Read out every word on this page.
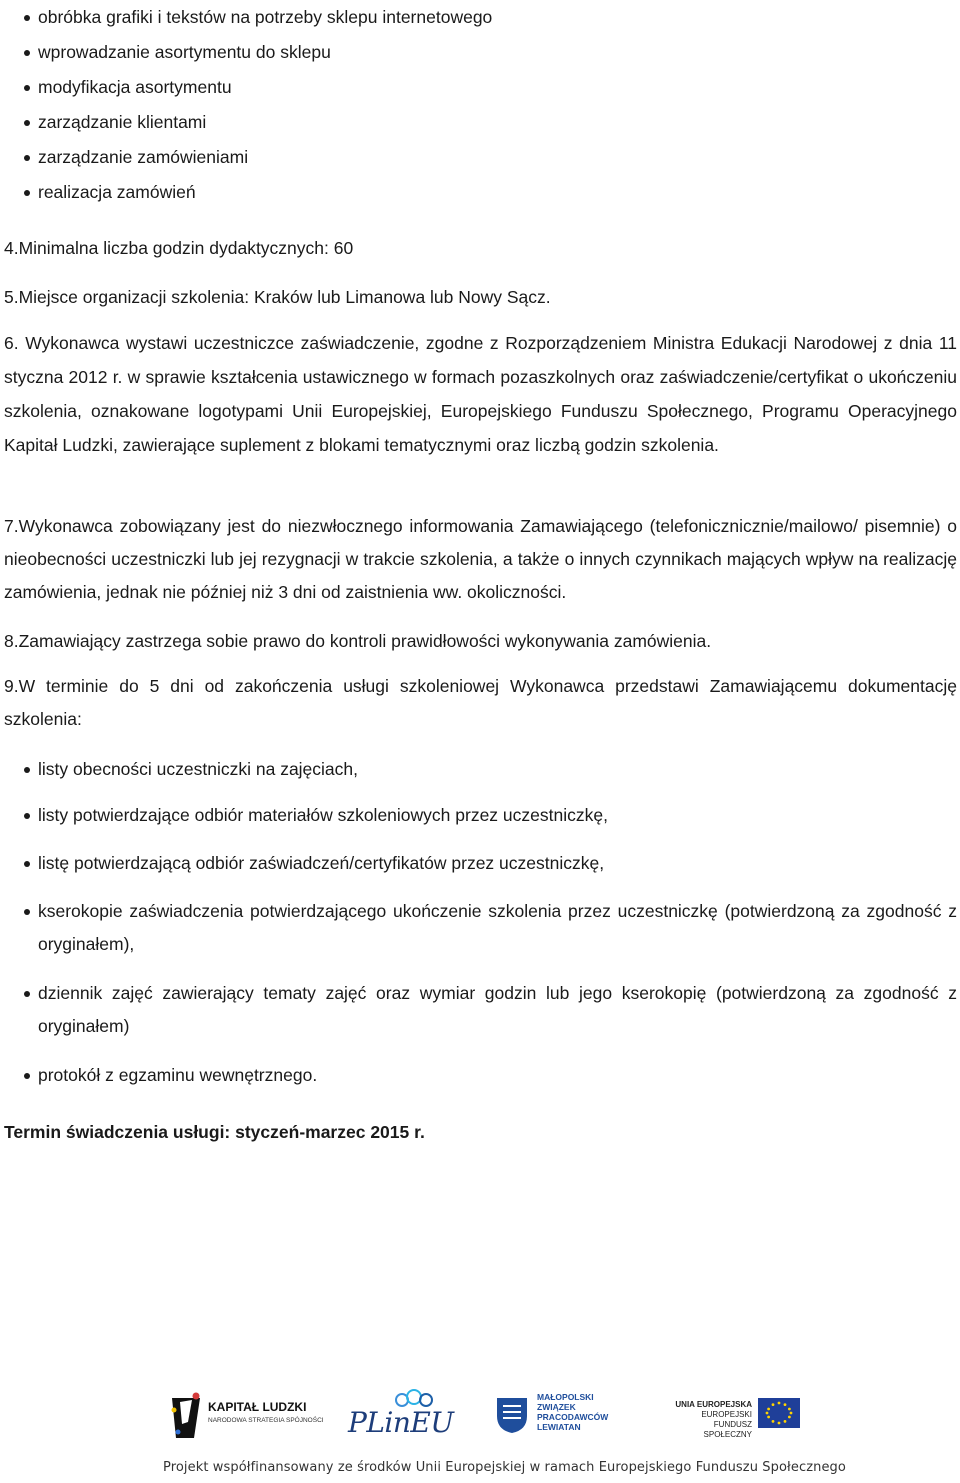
obróbka grafiki i tekstów na potrzeby sklepu internetowego
wprowadzanie asortymentu do sklepu
modyfikacja asortymentu
zarządzanie klientami
zarządzanie zamówieniami
realizacja zamówień
4.Minimalna liczba godzin dydaktycznych: 60
5.Miejsce organizacji szkolenia: Kraków lub Limanowa lub Nowy Sącz.
6. Wykonawca wystawi uczestniczce zaświadczenie, zgodne z Rozporządzeniem Ministra Edukacji Narodowej z dnia 11 styczna 2012 r. w sprawie kształcenia ustawicznego w formach pozaszkolnych oraz zaświadczenie/certyfikat o ukończeniu szkolenia, oznakowane logotypami Unii Europejskiej, Europejskiego Funduszu Społecznego, Programu Operacyjnego Kapitał Ludzki, zawierające suplement z blokami tematycznymi oraz liczbą godzin szkolenia.
7.Wykonawca zobowiązany jest do niezwłocznego informowania Zamawiającego (telefonicznicznie/mailowo/ pisemnie) o nieobecności uczestniczki lub jej rezygnacji w trakcie szkolenia, a także o innych czynnikach mających wpływ na realizację zamówienia, jednak nie później niż 3 dni od zaistnienia ww. okoliczności.
8.Zamawiający zastrzega sobie prawo do kontroli prawidłowości wykonywania zamówienia.
9.W terminie do 5 dni od zakończenia usługi szkoleniowej Wykonawca przedstawi Zamawiającemu dokumentację szkolenia:
listy obecności uczestniczki na zajęciach,
listy potwierdzające odbiór materiałów szkoleniowych przez uczestniczkę,
listę potwierdzającą odbiór zaświadczeń/certyfikatów przez uczestniczkę,
kserokopie zaświadczenia potwierdzającego ukończenie szkolenia przez uczestniczkę (potwierdzoną za zgodność z oryginałem),
dziennik zajęć zawierający tematy zajęć oraz wymiar godzin lub jego kserokopię (potwierdzoną za zgodność z oryginałem)
protokół z egzaminu wewnętrznego.
Termin świadczenia usługi: styczeń-marzec 2015 r.
KAPITAŁ LUDZKI
NARODOWA STRATEGIA SPÓJNOŚCI PLinEU
MAŁOPOLSKI
ZWIĄZEK
PRACODAWCÓW
LEWIATAN
UNIA EUROPEJSKA
EUROPEJSKI
FUNDUSZ SPOŁECZNY
Projekt współfinansowany ze środków Unii Europejskiej w ramach Europejskiego Funduszu Społecznego
